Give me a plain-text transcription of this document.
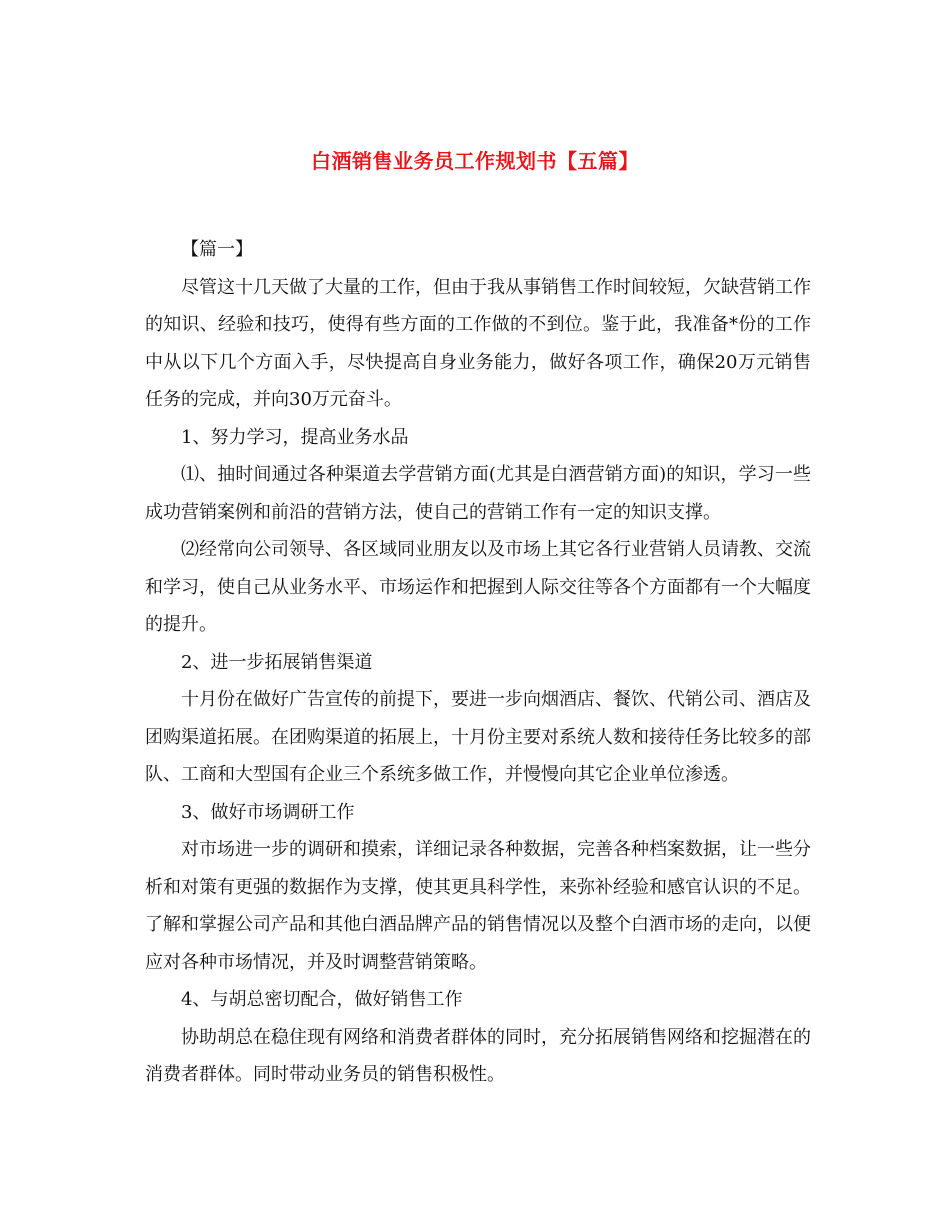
白酒销售业务员工作规划书【五篇】

【篇一】

尽管这十几天做了大量的工作，但由于我从事销售工作时间较短，欠缺营销工作的知识、经验和技巧，使得有些方面的工作做的不到位。鉴于此，我准备*份的工作中从以下几个方面入手，尽快提高自身业务能力，做好各项工作，确保20万元销售任务的完成，并向30万元奋斗。

1、努力学习，提高业务水品

⑴、抽时间通过各种渠道去学营销方面(尤其是白酒营销方面)的知识，学习一些成功营销案例和前沿的营销方法，使自己的营销工作有一定的知识支撑。

⑵经常向公司领导、各区域同业朋友以及市场上其它各行业营销人员请教、交流和学习，使自己从业务水平、市场运作和把握到人际交往等各个方面都有一个大幅度的提升。

2、进一步拓展销售渠道

十月份在做好广告宣传的前提下，要进一步向烟酒店、餐饮、代销公司、酒店及团购渠道拓展。在团购渠道的拓展上，十月份主要对系统人数和接待任务比较多的部队、工商和大型国有企业三个系统多做工作，并慢慢向其它企业单位渗透。

3、做好市场调研工作

对市场进一步的调研和摸索，详细记录各种数据，完善各种档案数据，让一些分析和对策有更强的数据作为支撑，使其更具科学性，来弥补经验和感官认识的不足。了解和掌握公司产品和其他白酒品牌产品的销售情况以及整个白酒市场的走向，以便应对各种市场情况，并及时调整营销策略。

4、与胡总密切配合，做好销售工作

协助胡总在稳住现有网络和消费者群体的同时，充分拓展销售网络和挖掘潜在的消费者群体。同时带动业务员的销售积极性。
